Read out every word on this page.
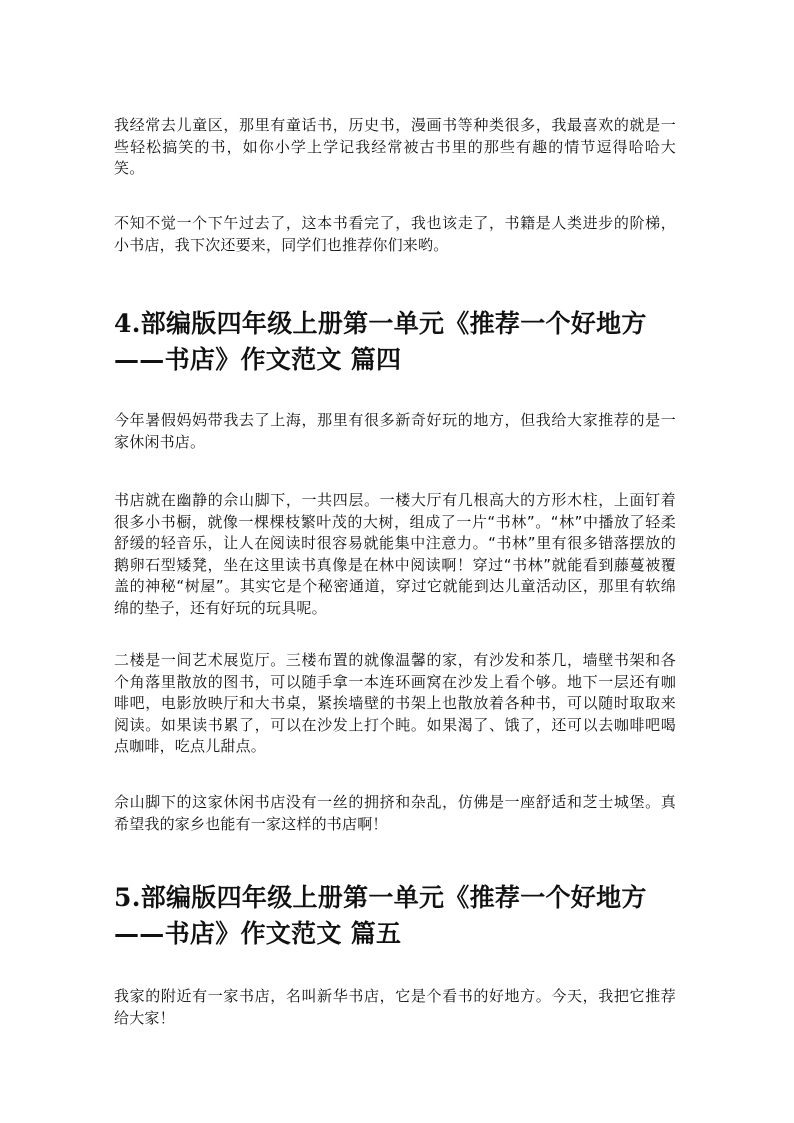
我经常去儿童区，那里有童话书，历史书，漫画书等种类很多，我最喜欢的就是一些轻松搞笑的书，如你小学上学记我经常被古书里的那些有趣的情节逗得哈哈大笑。

不知不觉一个下午过去了，这本书看完了，我也该走了，书籍是人类进步的阶梯，小书店，我下次还要来，同学们也推荐你们来哟。

4.部编版四年级上册第一单元《推荐一个好地方——书店》作文范文 篇四

今年暑假妈妈带我去了上海，那里有很多新奇好玩的地方，但我给大家推荐的是一家休闲书店。

书店就在幽静的佘山脚下，一共四层。一楼大厅有几根高大的方形木柱，上面钉着很多小书橱，就像一棵棵枝繁叶茂的大树，组成了一片“书林”。“林”中播放了轻柔舒缓的轻音乐，让人在阅读时很容易就能集中注意力。“书林”里有很多错落摆放的鹅卵石型矮凳，坐在这里读书真像是在林中阅读啊！穿过“书林”就能看到藤蔓被覆盖的神秘“树屋”。其实它是个秘密通道，穿过它就能到达儿童活动区，那里有软绵绵的垫子，还有好玩的玩具呢。

二楼是一间艺术展览厅。三楼布置的就像温馨的家，有沙发和茶几，墙壁书架和各个角落里散放的图书，可以随手拿一本连环画窝在沙发上看个够。地下一层还有咖啡吧，电影放映厅和大书桌，紧挨墙壁的书架上也散放着各种书，可以随时取取来阅读。如果读书累了，可以在沙发上打个盹。如果渴了、饿了，还可以去咖啡吧喝点咖啡，吃点儿甜点。

佘山脚下的这家休闲书店没有一丝的拥挤和杂乱，仿佛是一座舒适和芝士城堡。真希望我的家乡也能有一家这样的书店啊！

5.部编版四年级上册第一单元《推荐一个好地方——书店》作文范文 篇五

我家的附近有一家书店，名叫新华书店，它是个看书的好地方。今天，我把它推荐给大家！
